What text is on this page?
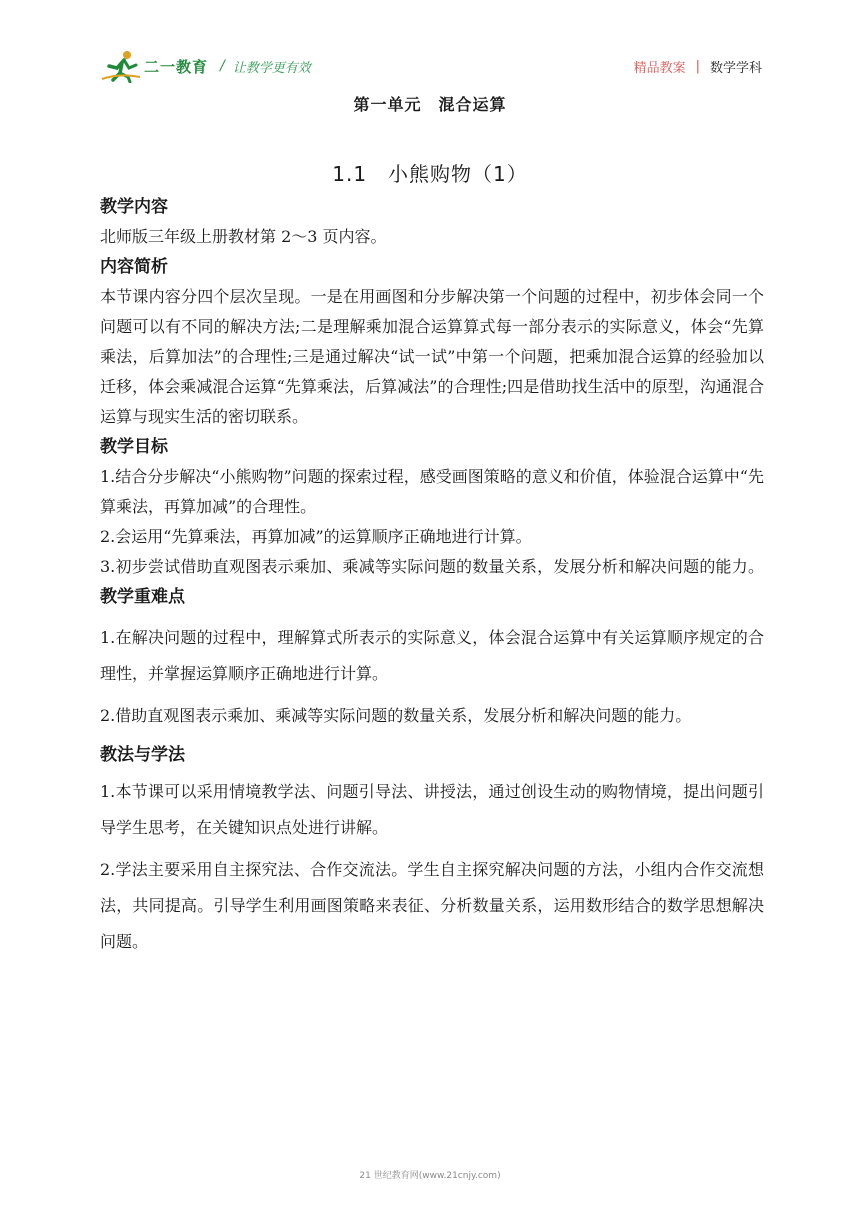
二一教育 / 让教学更有效	精品教案 | 数学学科
第一单元　混合运算
1.1　小熊购物（1）
教学内容

北师版三年级上册教材第 2～3 页内容。

内容简析

本节课内容分四个层次呈现。一是在用画图和分步解决第一个问题的过程中，初步体会同一个问题可以有不同的解决方法;二是理解乘加混合运算算式每一部分表示的实际意义，体会“先算乘法，后算加法”的合理性;三是通过解决“试一试”中第一个问题，把乘加混合运算的经验加以迁移，体会乘减混合运算“先算乘法，后算减法”的合理性;四是借助找生活中的原型，沟通混合运算与现实生活的密切联系。

教学目标

1.结合分步解决“小熊购物”问题的探索过程，感受画图策略的意义和价值，体验混合运算中“先算乘法，再算加减”的合理性。

2.会运用“先算乘法，再算加减”的运算顺序正确地进行计算。

3.初步尝试借助直观图表示乘加、乘减等实际问题的数量关系，发展分析和解决问题的能力。教学重难点

1.在解决问题的过程中，理解算式所表示的实际意义，体会混合运算中有关运算顺序规定的合理性，并掌握运算顺序正确地进行计算。

2.借助直观图表示乘加、乘减等实际问题的数量关系，发展分析和解决问题的能力。

教法与学法

1.本节课可以采用情境教学法、问题引导法、讲授法，通过创设生动的购物情境，提出问题引导学生思考，在关键知识点处进行讲解。

2.学法主要采用自主探究法、合作交流法。学生自主探究解决问题的方法，小组内合作交流想法，共同提高。引导学生利用画图策略来表征、分析数量关系，运用数形结合的数学思想解决问题。

21 世纪教育网(www.21cnjy.com)
